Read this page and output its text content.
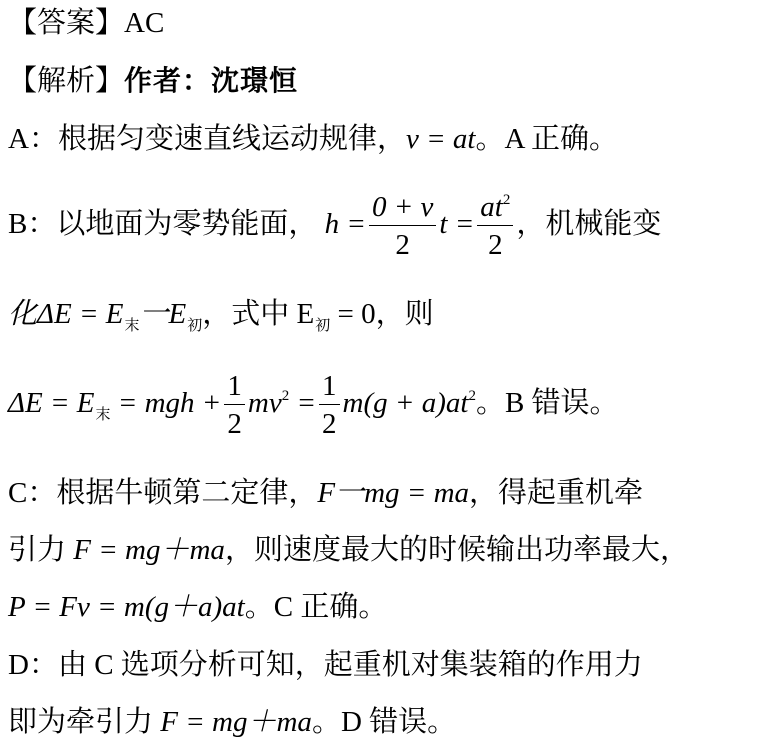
【答案】AC
【解析】作者：沈璟恒
A：根据匀变速直线运动规律，v = at。A 正确。
B：以地面为零势能面， $h = \frac{0 + v}{2}$ $t = \frac{at^2}{2}$ ，机械能变
化$\Delta E = E_末$一$E_初$，式中 $E_初 = 0$，则
$\Delta E = E_末$ = mgh + $\frac{1}{2} mv^2 = \frac{1}{2} m(g + a)at^2$。B 错误。
C：根据牛顿第二定律，F一mg = ma，得起重机牵
引力 F = mg＋ma，则速度最大的时候输出功率最大，
P = Fv = m(g＋a)at。C 正确。
D：由 C 选项分析可知，起重机对集装箱的作用力
即为牵引力 F = mg＋ma。D 错误。
